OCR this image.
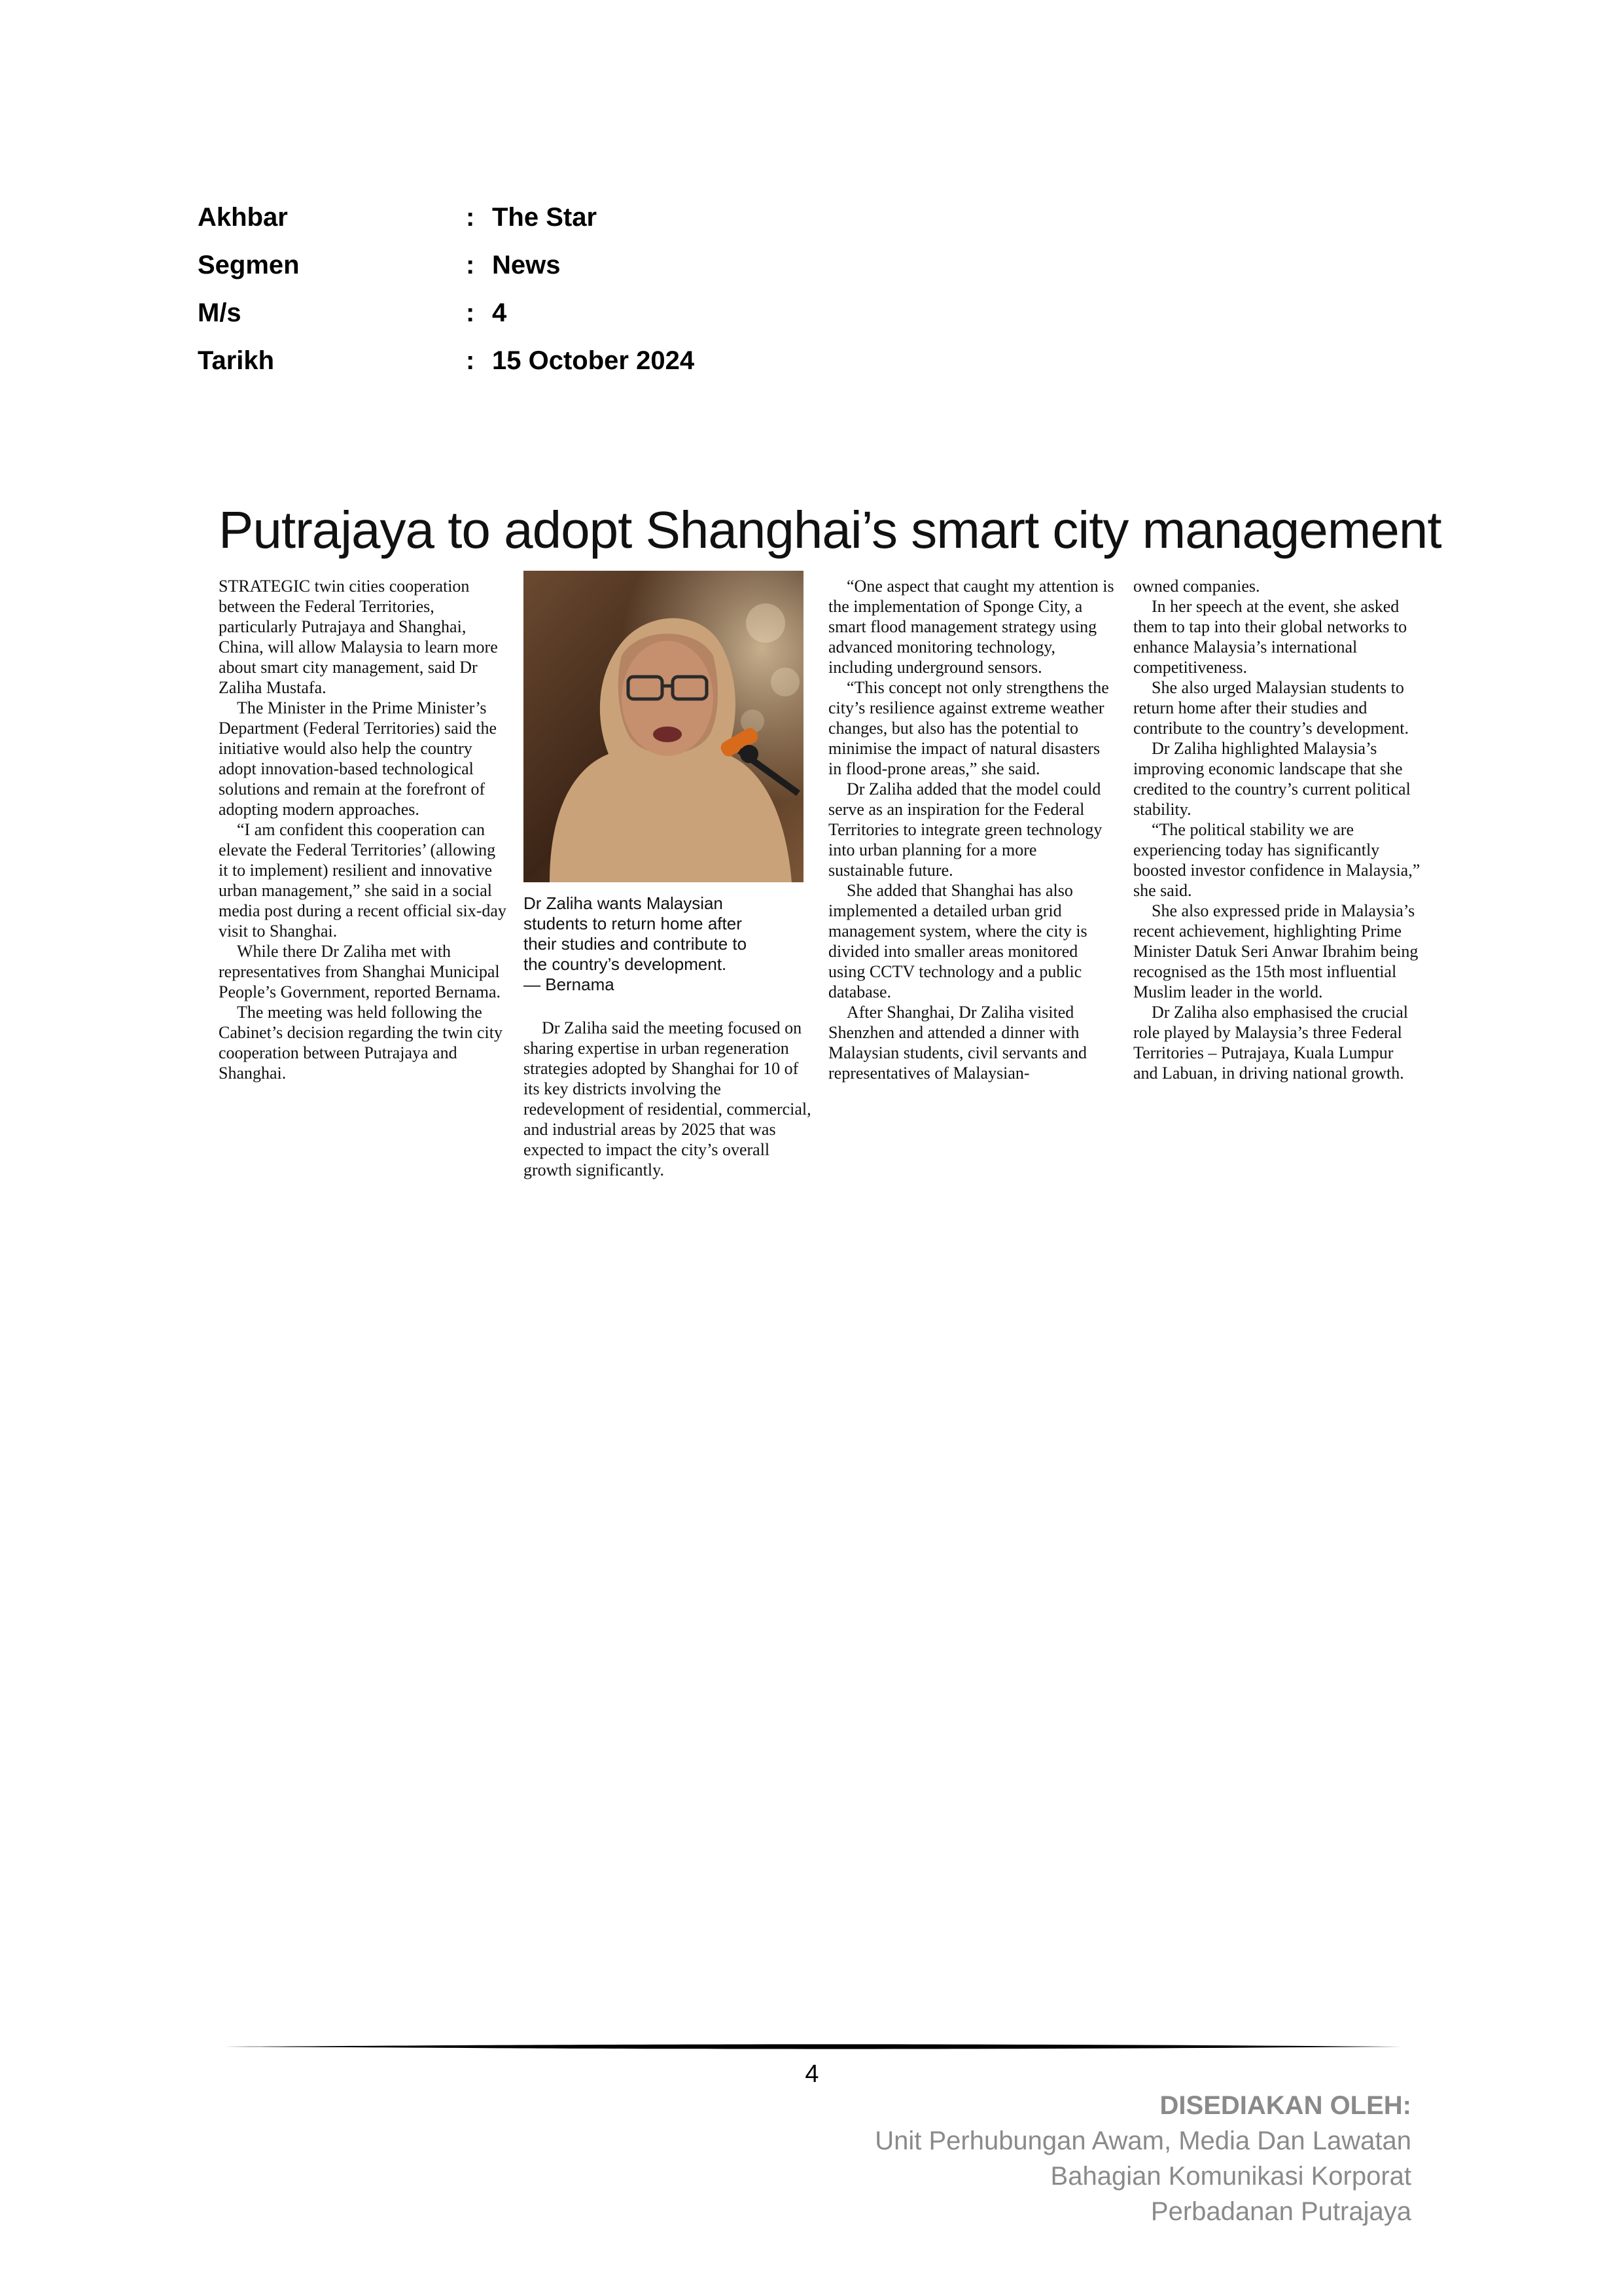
Akhbar	: The Star
Segmen	: News
M/s	: 4
Tarikh	: 15 October 2024
Putrajaya to adopt Shanghai’s smart city management

STRATEGIC twin cities cooperation between the Federal Territories, particularly Putrajaya and Shanghai, China, will allow Malaysia to learn more about smart city management, said Dr Zaliha Mustafa.

The Minister in the Prime Minister’s Department (Federal Territories) said the initiative would also help the country adopt innovation-based technological solutions and remain at the forefront of adopting modern approaches.

“I am confident this cooperation can elevate the Federal Territories’ (allowing it to implement) resilient and innovative urban management,” she said in a social media post during a recent official six-day visit to Shanghai.

While there Dr Zaliha met with representatives from Shanghai Municipal People’s Government, reported Bernama.

The meeting was held following the Cabinet’s decision regarding the twin city cooperation between Putrajaya and Shanghai.

Dr Zaliha wants Malaysian
students to return home after
their studies and contribute to
the country’s development.
— Bernama

Dr Zaliha said the meeting focused on sharing expertise in urban regeneration strategies adopted by Shanghai for 10 of its key districts involving the redevelopment of residential, commercial, and industrial areas by 2025 that was expected to impact the city’s overall growth significantly.

“One aspect that caught my attention is the implementation of Sponge City, a smart flood management strategy using advanced monitoring technology, including underground sensors.

“This concept not only strengthens the city’s resilience against extreme weather changes, but also has the potential to minimise the impact of natural disasters in flood-prone areas,” she said.

Dr Zaliha added that the model could serve as an inspiration for the Federal Territories to integrate green technology into urban planning for a more sustainable future.

She added that Shanghai has also implemented a detailed urban grid management system, where the city is divided into smaller areas monitored using CCTV technology and a public database.

After Shanghai, Dr Zaliha visited Shenzhen and attended a dinner with Malaysian students, civil servants and representatives of Malaysian-

owned companies.

In her speech at the event, she asked them to tap into their global networks to enhance Malaysia’s international competitiveness.

She also urged Malaysian students to return home after their studies and contribute to the country’s development.

Dr Zaliha highlighted Malaysia’s improving economic landscape that she credited to the country’s current political stability.

“The political stability we are experiencing today has significantly boosted investor confidence in Malaysia,” she said.

She also expressed pride in Malaysia’s recent achievement, highlighting Prime Minister Datuk Seri Anwar Ibrahim being recognised as the 15th most influential Muslim leader in the world.

Dr Zaliha also emphasised the crucial role played by Malaysia’s three Federal Territories – Putrajaya, Kuala Lumpur and Labuan, in driving national growth.

4
DISEDIAKAN OLEH:
Unit Perhubungan Awam, Media Dan Lawatan
Bahagian Komunikasi Korporat
Perbadanan Putrajaya
